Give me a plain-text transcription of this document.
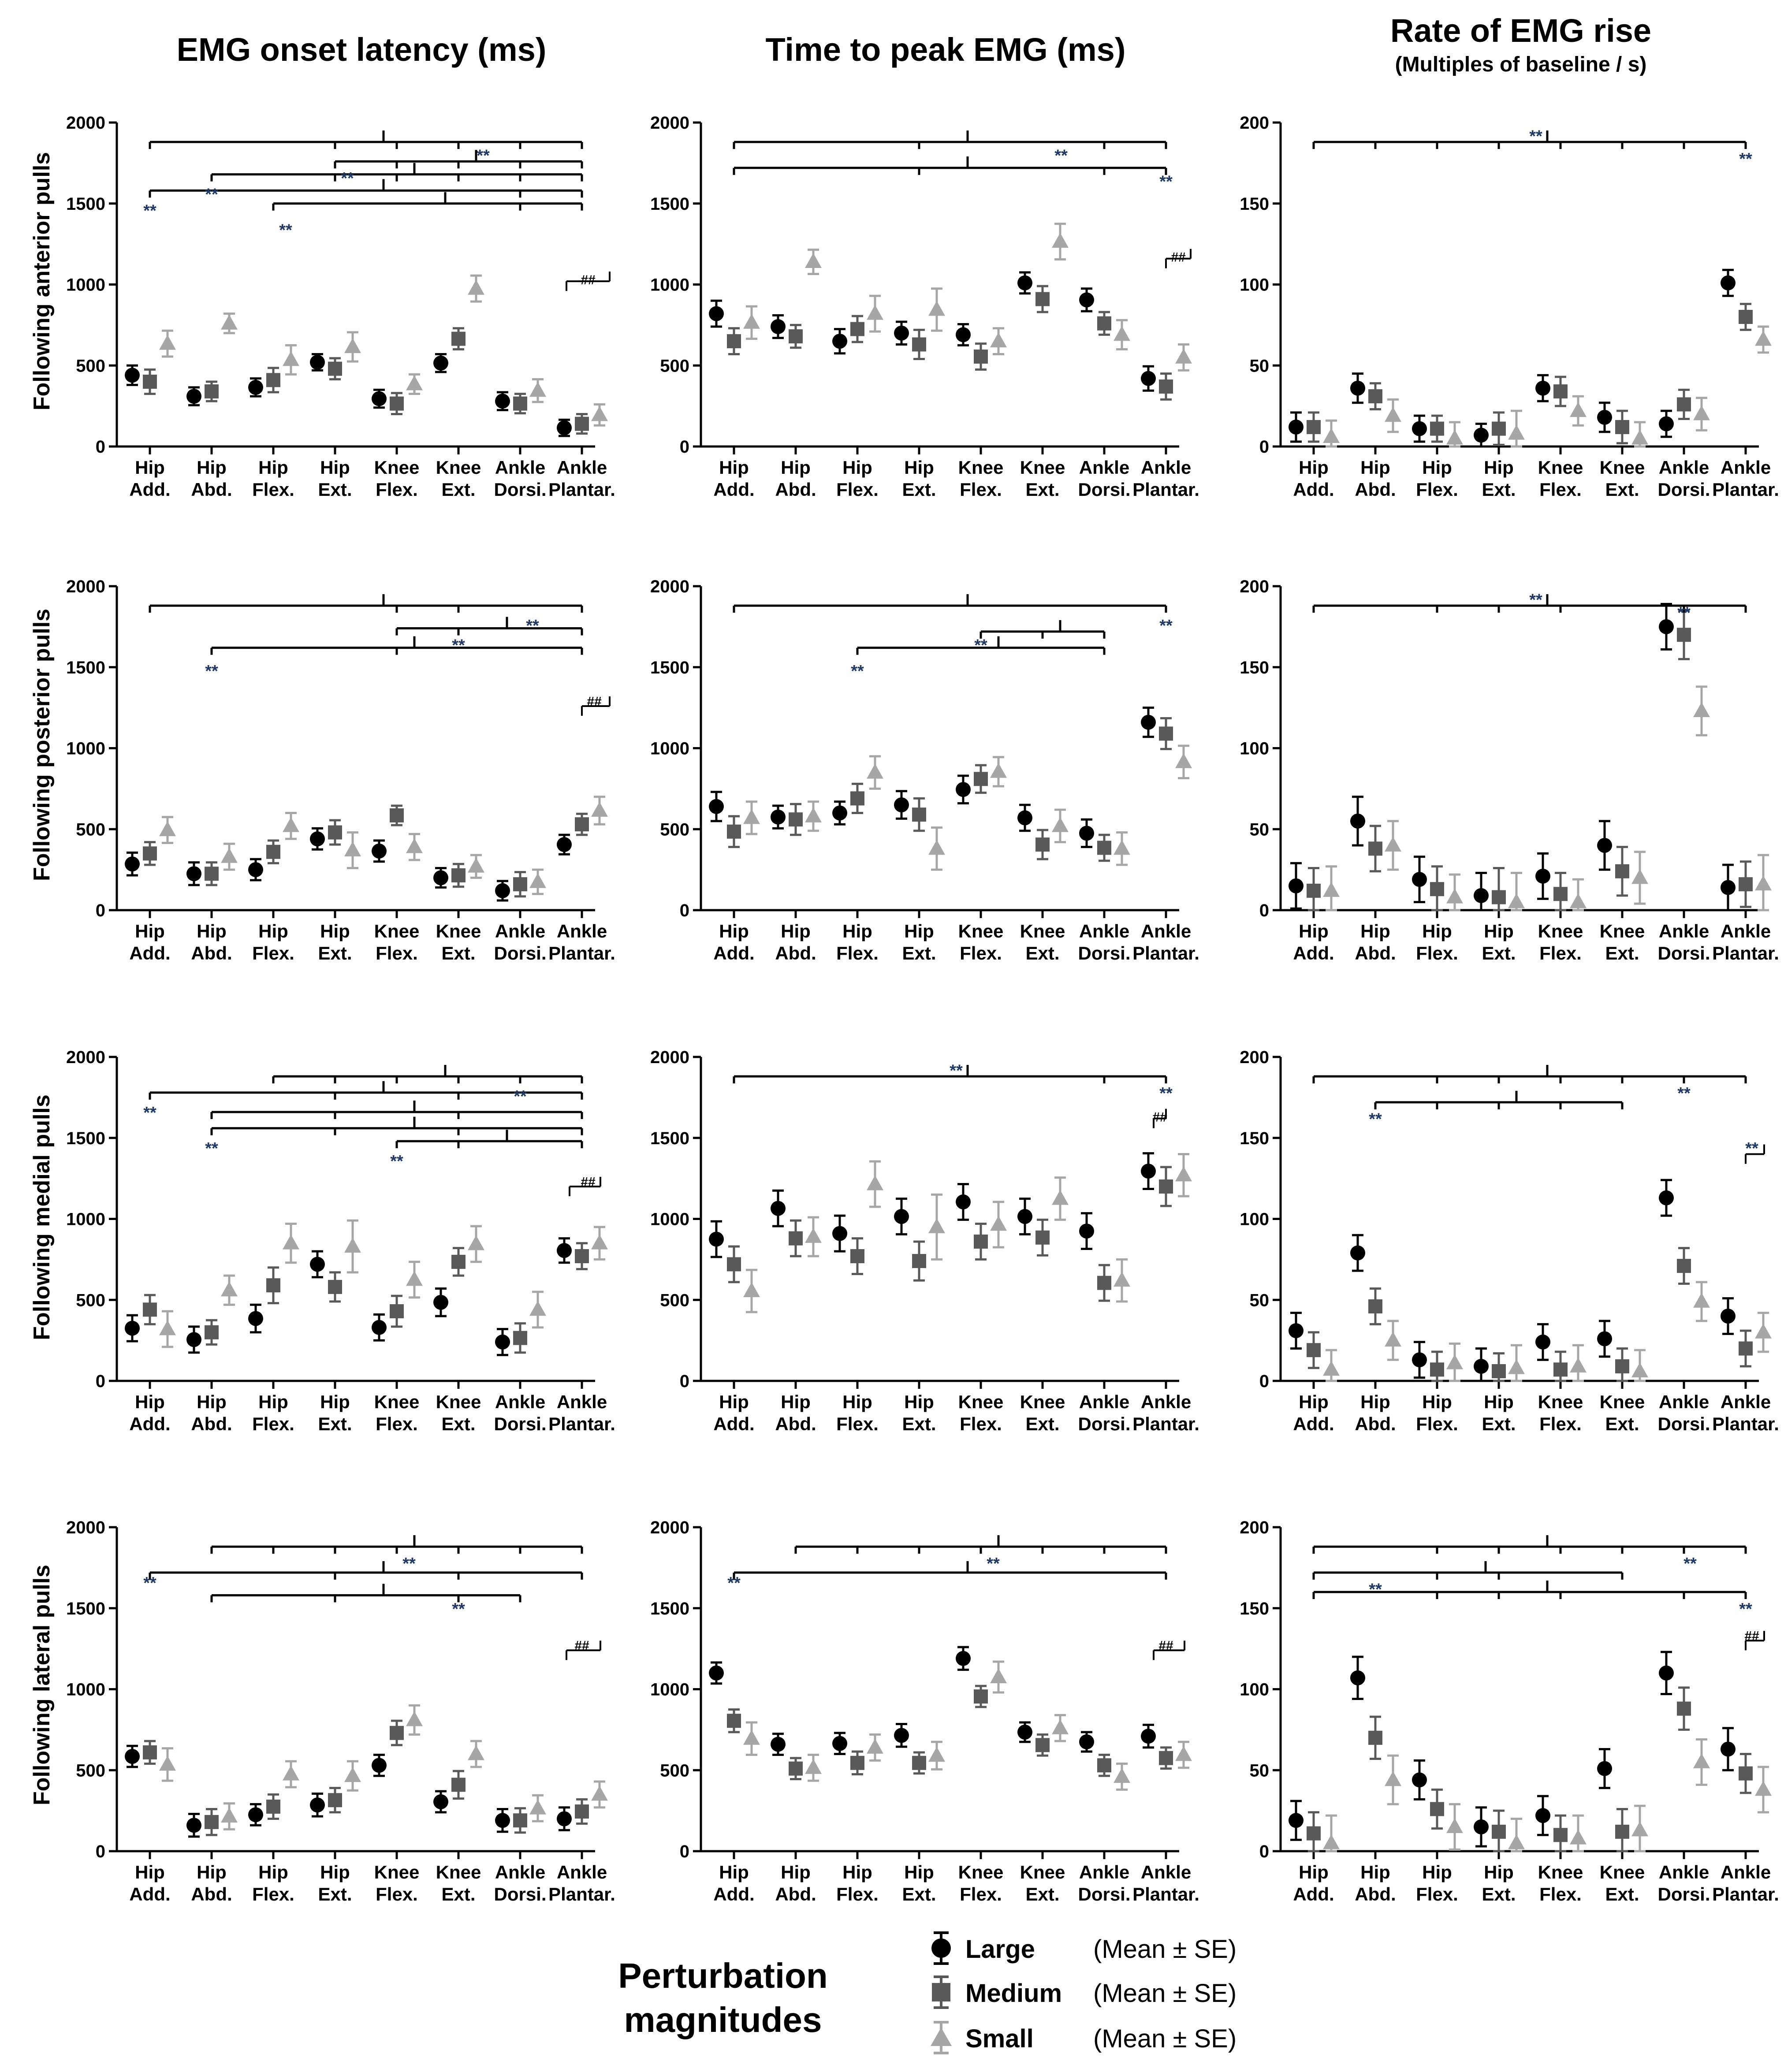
EMG onset latency (ms)	Time to peak EMG (ms)
Rate of EMG rise
(Multiples of baseline / s)
Following anterior pulls
Following posterior pulls
Following medial pulls
Following lateral pulls
0
500
1000
1500
2000
Hip
Add.
Hip
Abd.
Hip
Flex.
Hip
Ext.
Knee
Flex.
Knee
Ext.
Ankle
Dorsi.
Ankle
Plantar.
**
**
**
**
**
##
0
500
1000
1500
2000
Hip
Add.
Hip
Abd.
Hip
Flex.
Hip
Ext.
Knee
Flex.
Knee
Ext.
Ankle
Dorsi.
Ankle
Plantar.
**
**
##
0
50
100
150
200
Hip
Add.
Hip
Abd.
Hip
Flex.
Hip
Ext.
Knee
Flex.
Knee
Ext.
Ankle
Dorsi.
Ankle
Plantar.
**
**
0
500
1000
1500
2000
Hip
Add.
Hip
Abd.
Hip
Flex.
Hip
Ext.
Knee
Flex.
Knee
Ext.
Ankle
Dorsi.
Ankle
Plantar.
**
**
**
##
0
500
1000
1500
2000
Hip
Add.
Hip
Abd.
Hip
Flex.
Hip
Ext.
Knee
Flex.
Knee
Ext.
Ankle
Dorsi.
Ankle
Plantar.
**
**
**
0
50
100
150
200
Hip
Add.
Hip
Abd.
Hip
Flex.
Hip
Ext.
Knee
Flex.
Knee
Ext.
Ankle
Dorsi.
Ankle
Plantar.
**
**
0
500
1000
1500
2000
Hip
Add.
Hip
Abd.
Hip
Flex.
Hip
Ext.
Knee
Flex.
Knee
Ext.
Ankle
Dorsi.
Ankle
Plantar.
**
**
**
**
##
0
500
1000
1500
2000
Hip
Add.
Hip
Abd.
Hip
Flex.
Hip
Ext.
Knee
Flex.
Knee
Ext.
Ankle
Dorsi.
Ankle
Plantar.
**
**
##
0
50
100
150
200
Hip
Add.
Hip
Abd.
Hip
Flex.
Hip
Ext.
Knee
Flex.
Knee
Ext.
Ankle
Dorsi.
Ankle
Plantar.
**
**
**
0
500
1000
1500
2000
Hip
Add.
Hip
Abd.
Hip
Flex.
Hip
Ext.
Knee
Flex.
Knee
Ext.
Ankle
Dorsi.
Ankle
Plantar.
**
**
**
##
0
500
1000
1500
2000
Hip
Add.
Hip
Abd.
Hip
Flex.
Hip
Ext.
Knee
Flex.
Knee
Ext.
Ankle
Dorsi.
Ankle
Plantar.
**
**
##
0
50
100
150
200
Hip
Add.
Hip
Abd.
Hip
Flex.
Hip
Ext.
Knee
Flex.
Knee
Ext.
Ankle
Dorsi.
Ankle
Plantar.
**
**
**
##
Perturbation
magnitudes
Large (Mean ± SE)
Medium (Mean ± SE)
Small (Mean ± SE)
